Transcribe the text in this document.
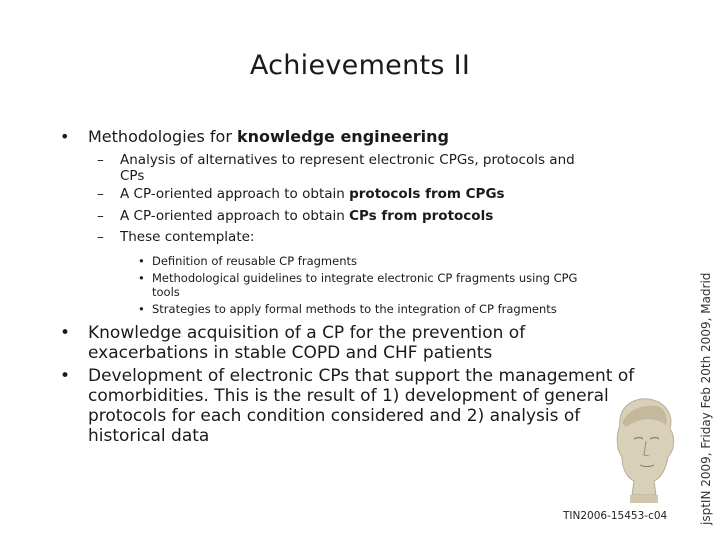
Achievements II
• Methodologies for knowledge engineering
– Analysis of alternatives to represent electronic CPGs, protocols and
CPs
– A CP-oriented approach to obtain protocols from CPGs
– A CP-oriented approach to obtain CPs from protocols
– These contemplate:
• Definition of reusable CP fragments
• Methodological guidelines to integrate electronic CP fragments using CPG
tools
• Strategies to apply formal methods to the integration of CP fragments
• Knowledge acquisition of a CP for the prevention of
exacerbations in stable COPD and CHF patients
• Development of electronic CPs that support the management of
comorbidities. This is the result of 1) development of general
protocols for each condition considered and 2) analysis of
historical data
TIN2006-15453-c04	jsptIN 2009, Friday Feb 20th 2009, Madrid
